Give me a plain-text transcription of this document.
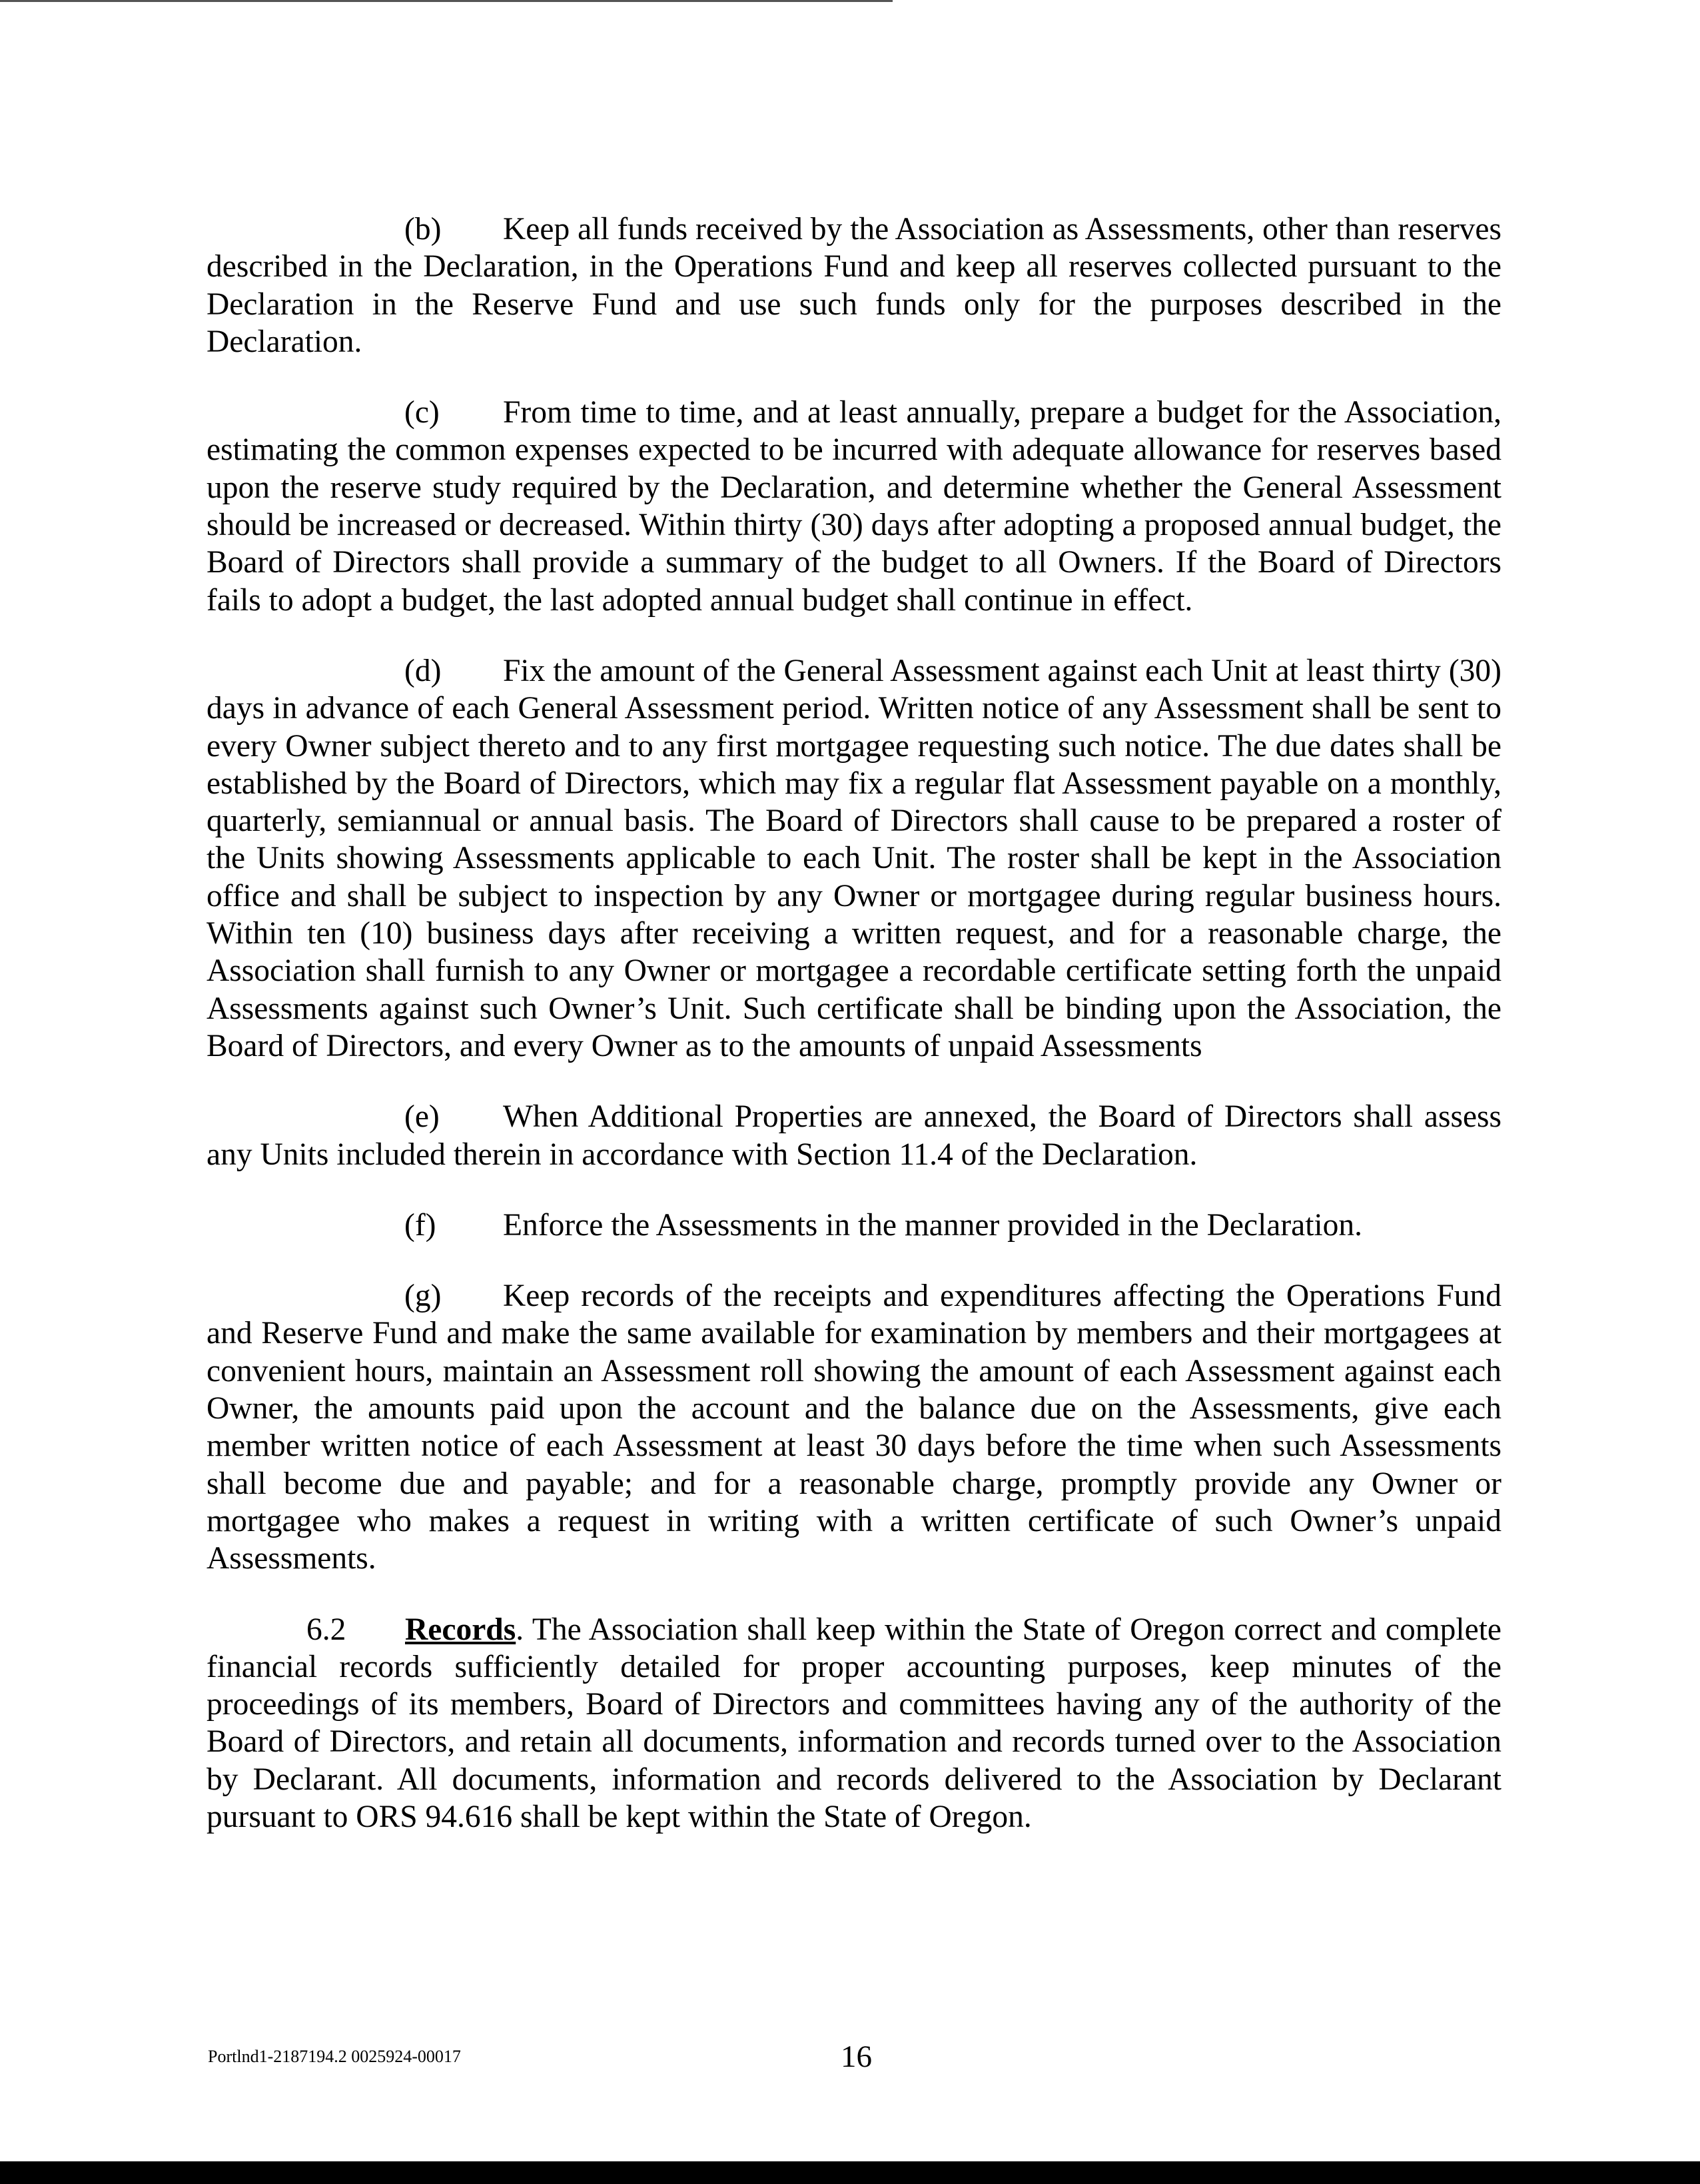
(b) Keep all funds received by the Association as Assessments, other than reserves described in the Declaration, in the Operations Fund and keep all reserves collected pursuant to the Declaration in the Reserve Fund and use such funds only for the purposes described in the Declaration.

(c) From time to time, and at least annually, prepare a budget for the Association, estimating the common expenses expected to be incurred with adequate allowance for reserves based upon the reserve study required by the Declaration, and determine whether the General Assessment should be increased or decreased. Within thirty (30) days after adopting a proposed annual budget, the Board of Directors shall provide a summary of the budget to all Owners. If the Board of Directors fails to adopt a budget, the last adopted annual budget shall continue in effect.

(d) Fix the amount of the General Assessment against each Unit at least thirty (30) days in advance of each General Assessment period. Written notice of any Assessment shall be sent to every Owner subject thereto and to any first mortgagee requesting such notice. The due dates shall be established by the Board of Directors, which may fix a regular flat Assessment payable on a monthly, quarterly, semiannual or annual basis. The Board of Directors shall cause to be prepared a roster of the Units showing Assessments applicable to each Unit. The roster shall be kept in the Association office and shall be subject to inspection by any Owner or mortgagee during regular business hours. Within ten (10) business days after receiving a written request, and for a reasonable charge, the Association shall furnish to any Owner or mortgagee a recordable certificate setting forth the unpaid Assessments against such Owner’s Unit. Such certificate shall be binding upon the Association, the Board of Directors, and every Owner as to the amounts of unpaid Assessments

(e) When Additional Properties are annexed, the Board of Directors shall assess any Units included therein in accordance with Section 11.4 of the Declaration.

(f) Enforce the Assessments in the manner provided in the Declaration.

(g) Keep records of the receipts and expenditures affecting the Operations Fund and Reserve Fund and make the same available for examination by members and their mortgagees at convenient hours, maintain an Assessment roll showing the amount of each Assessment against each Owner, the amounts paid upon the account and the balance due on the Assessments, give each member written notice of each Assessment at least 30 days before the time when such Assessments shall become due and payable; and for a reasonable charge, promptly provide any Owner or mortgagee who makes a request in writing with a written certificate of such Owner’s unpaid Assessments.

6.2 Records. The Association shall keep within the State of Oregon correct and complete financial records sufficiently detailed for proper accounting purposes, keep minutes of the proceedings of its members, Board of Directors and committees having any of the authority of the Board of Directors, and retain all documents, information and records turned over to the Association by Declarant. All documents, information and records delivered to the Association by Declarant pursuant to ORS 94.616 shall be kept within the State of Oregon.

Portlnd1-2187194.2 0025924-00017	16
